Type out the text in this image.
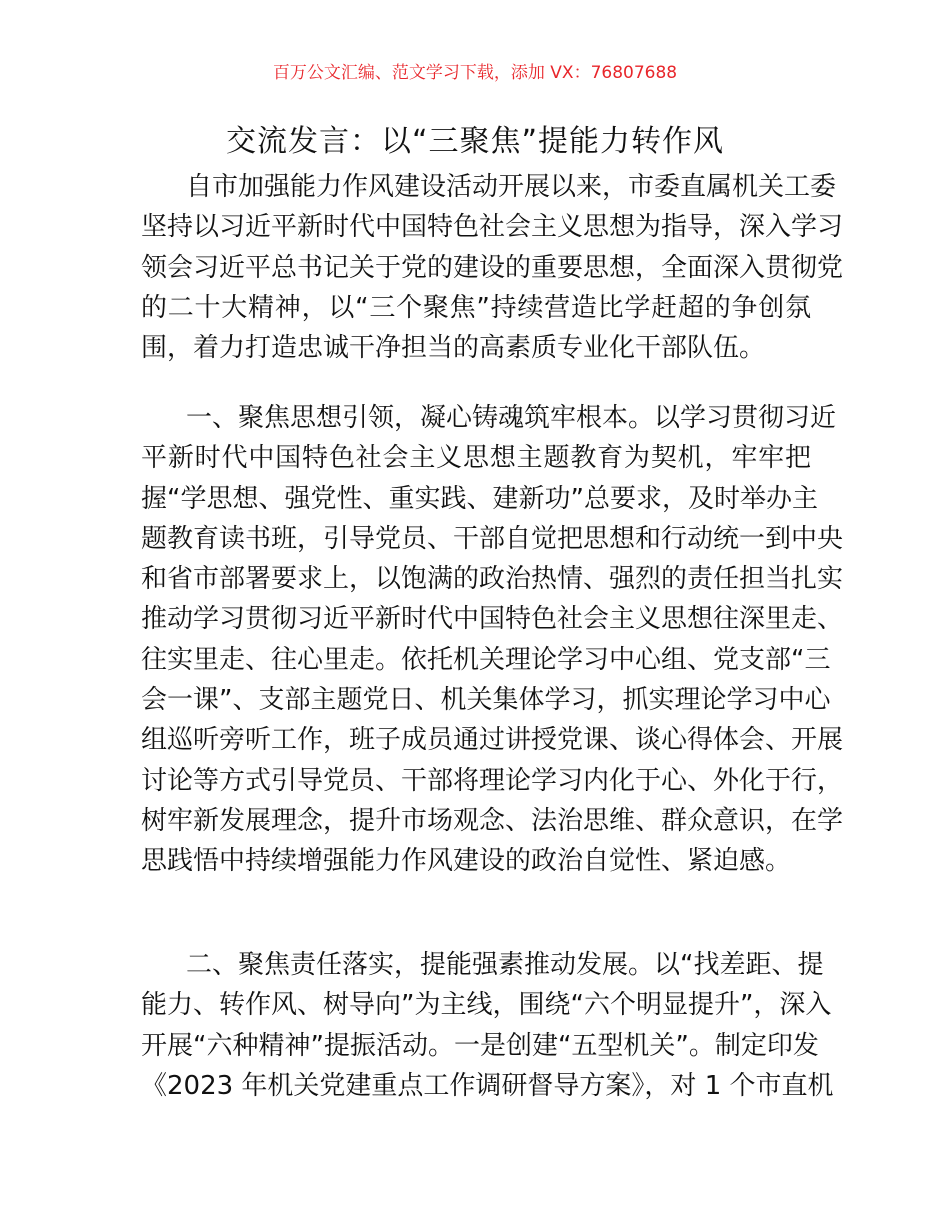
百万公文汇编、范文学习下载，添加 VX：76807688
交流发言：以“三聚焦”提能力转作风
自市加强能力作风建设活动开展以来，市委直属机关工委
坚持以习近平新时代中国特色社会主义思想为指导，深入学习
领会习近平总书记关于党的建设的重要思想，全面深入贯彻党
的二十大精神，以“三个聚焦”持续营造比学赶超的争创氛
围，着力打造忠诚干净担当的高素质专业化干部队伍。
一、聚焦思想引领，凝心铸魂筑牢根本。以学习贯彻习近
平新时代中国特色社会主义思想主题教育为契机，牢牢把
握“学思想、强党性、重实践、建新功”总要求，及时举办主
题教育读书班，引导党员、干部自觉把思想和行动统一到中央
和省市部署要求上，以饱满的政治热情、强烈的责任担当扎实
推动学习贯彻习近平新时代中国特色社会主义思想往深里走、
往实里走、往心里走。依托机关理论学习中心组、党支部“三
会一课”、支部主题党日、机关集体学习，抓实理论学习中心
组巡听旁听工作，班子成员通过讲授党课、谈心得体会、开展
讨论等方式引导党员、干部将理论学习内化于心、外化于行，
树牢新发展理念，提升市场观念、法治思维、群众意识，在学
思践悟中持续增强能力作风建设的政治自觉性、紧迫感。
二、聚焦责任落实，提能强素推动发展。以“找差距、提
能力、转作风、树导向”为主线，围绕“六个明显提升”，深入
开展“六种精神”提振活动。一是创建“五型机关”。制定印发
《2023 年机关党建重点工作调研督导方案》，对 1 个市直机
